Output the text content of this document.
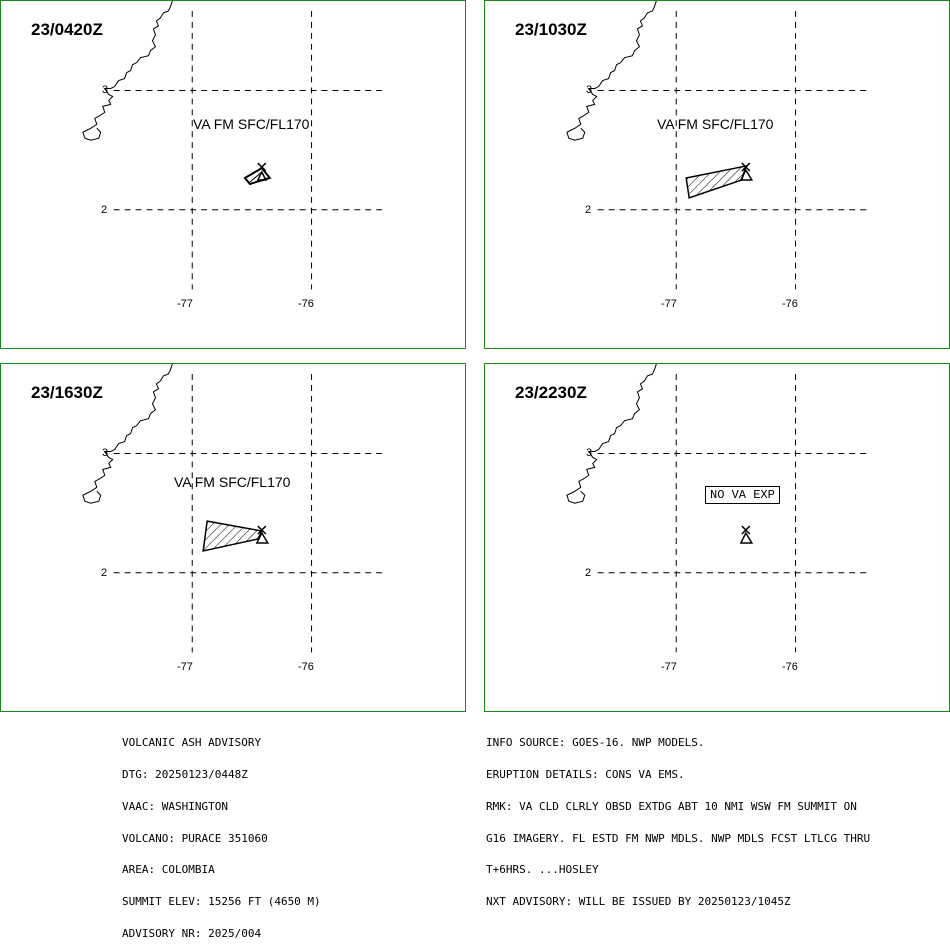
23/0420Z
VA FM SFC/FL170
3
2
-77	-76
23/1030Z
VA FM SFC/FL170
3
2
-77	-76
23/1630Z
VA FM SFC/FL170
3
2
-77	-76
23/2230Z
NO VA EXP
3
2
-77	-76

VOLCANIC ASH ADVISORY

DTG: 20250123/0448Z

VAAC: WASHINGTON

VOLCANO: PURACE 351060

AREA: COLOMBIA

SUMMIT ELEV: 15256 FT (4650 M)

ADVISORY NR: 2025/004

INFO SOURCE: GOES-16. NWP MODELS.

ERUPTION DETAILS: CONS VA EMS.

RMK: VA CLD CLRLY OBSD EXTDG ABT 10 NMI WSW FM SUMMIT ON

G16 IMAGERY. FL ESTD FM NWP MDLS. NWP MDLS FCST LTLCG THRU

T+6HRS. ...HOSLEY

NXT ADVISORY: WILL BE ISSUED BY 20250123/1045Z
